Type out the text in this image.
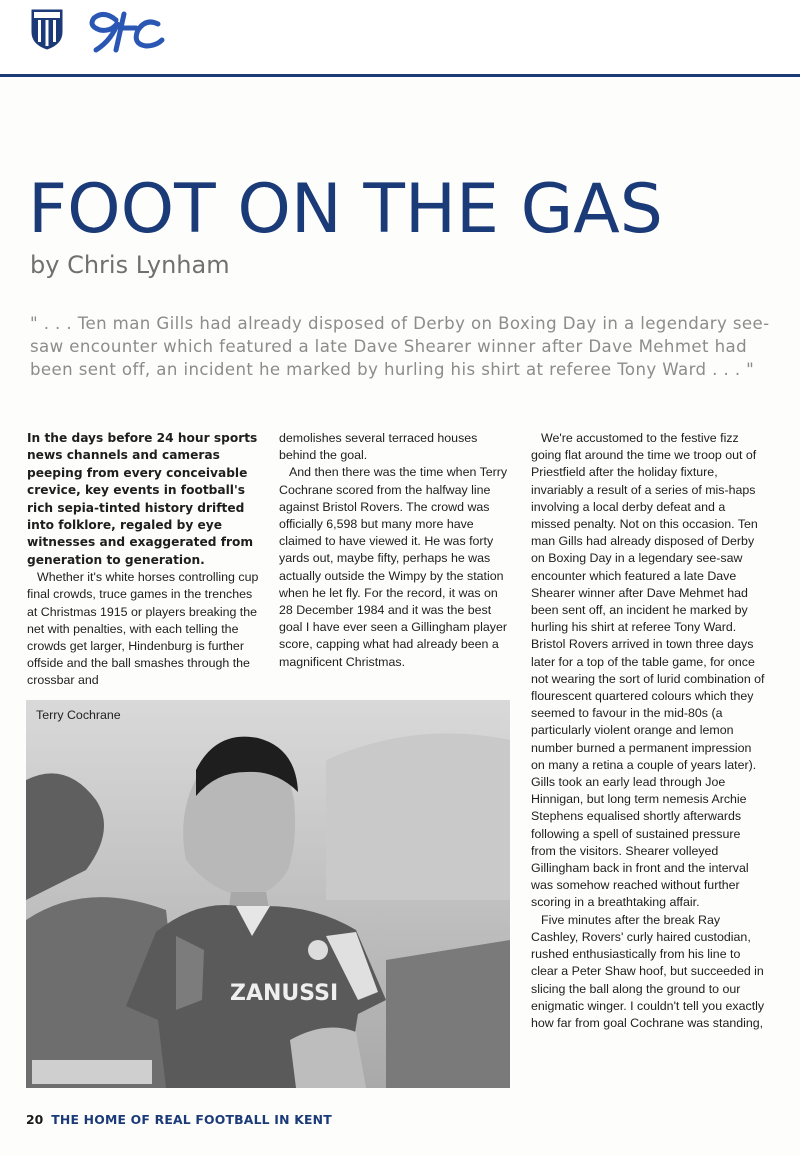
FOOT ON THE GAS

by Chris Lynham

" . . . Ten man Gills had already disposed of Derby on Boxing Day in a legendary see-saw encounter which featured a late Dave Shearer winner after Dave Mehmet had been sent off, an incident he marked by hurling his shirt at referee Tony Ward . . . "

In the days before 24 hour sports news channels and cameras peeping from every conceivable crevice, key events in football's rich sepia-tinted history drifted into folklore, regaled by eye witnesses and exaggerated from generation to generation.

Whether it's white horses controlling cup final crowds, truce games in the trenches at Christmas 1915 or players breaking the net with penalties, with each telling the crowds get larger, Hindenburg is further offside and the ball smashes through the crossbar and

demolishes several terraced houses behind the goal.

And then there was the time when Terry Cochrane scored from the halfway line against Bristol Rovers. The crowd was officially 6,598 but many more have claimed to have viewed it. He was forty yards out, maybe fifty, perhaps he was actually outside the Wimpy by the station when he let fly. For the record, it was on 28 December 1984 and it was the best goal I have ever seen a Gillingham player score, capping what had already been a magnificent Christmas.

We're accustomed to the festive fizz going flat around the time we troop out of Priestfield after the holiday fixture, invariably a result of a series of mis-haps involving a local derby defeat and a missed penalty. Not on this occasion. Ten man Gills had already disposed of Derby on Boxing Day in a legendary see-saw encounter which featured a late Dave Shearer winner after Dave Mehmet had been sent off, an incident he marked by hurling his shirt at referee Tony Ward. Bristol Rovers arrived in town three days later for a top of the table game, for once not wearing the sort of lurid combination of flourescent quartered colours which they seemed to favour in the mid-80s (a particularly violent orange and lemon number burned a permanent impression on many a retina a couple of years later). Gills took an early lead through Joe Hinnigan, but long term nemesis Archie Stephens equalised shortly afterwards following a spell of sustained pressure from the visitors. Shearer volleyed Gillingham back in front and the interval was somehow reached without further scoring in a breathtaking affair.

Five minutes after the break Ray Cashley, Rovers' curly haired custodian, rushed enthusiastically from his line to clear a Peter Shaw hoof, but succeeded in slicing the ball along the ground to our enigmatic winger. I couldn't tell you exactly how far from goal Cochrane was standing,

ZANUSSI
Terry Cochrane

20 THE HOME OF REAL FOOTBALL IN KENT
